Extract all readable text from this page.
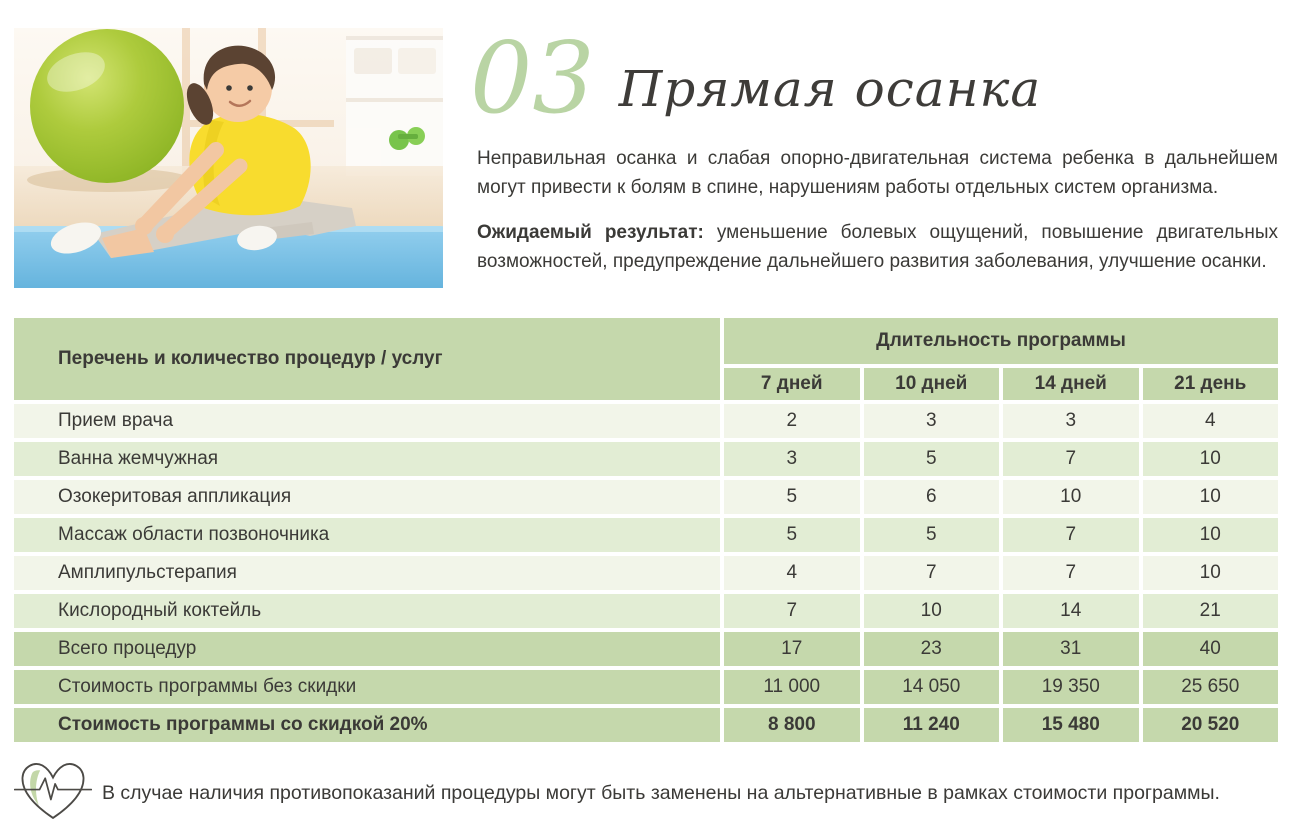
03 Прямая осанка

Неправильная осанка и слабая опорно-двигательная система ребенка в дальнейшем могут привести к болям в спине, нарушениям работы отдельных систем организма.

Ожидаемый результат: уменьшение болевых ощущений, повышение двигательных возможностей, предупреждение дальнейшего развития заболевания, улучшение осанки.

Перечень и количество процедур / услуг
Длительность программы
7 дней	10 дней	14 дней	21 день
Прием врача	2	3	3	4
Ванна жемчужная	3	5	7	10
Озокеритовая аппликация	5	6	10	10
Массаж области позвоночника	5	5	7	10
Амплипульстерапия	4	7	7	10
Кислородный коктейль	7	10	14	21
Всего процедур	17	23	31	40
Стоимость программы без скидки	11 000	14 050	19 350	25 650
Стоимость программы со скидкой 20%	8 800	11 240	15 480	20 520
В случае наличия противопоказаний процедуры могут быть заменены на альтернативные в рамках стоимости программы.
